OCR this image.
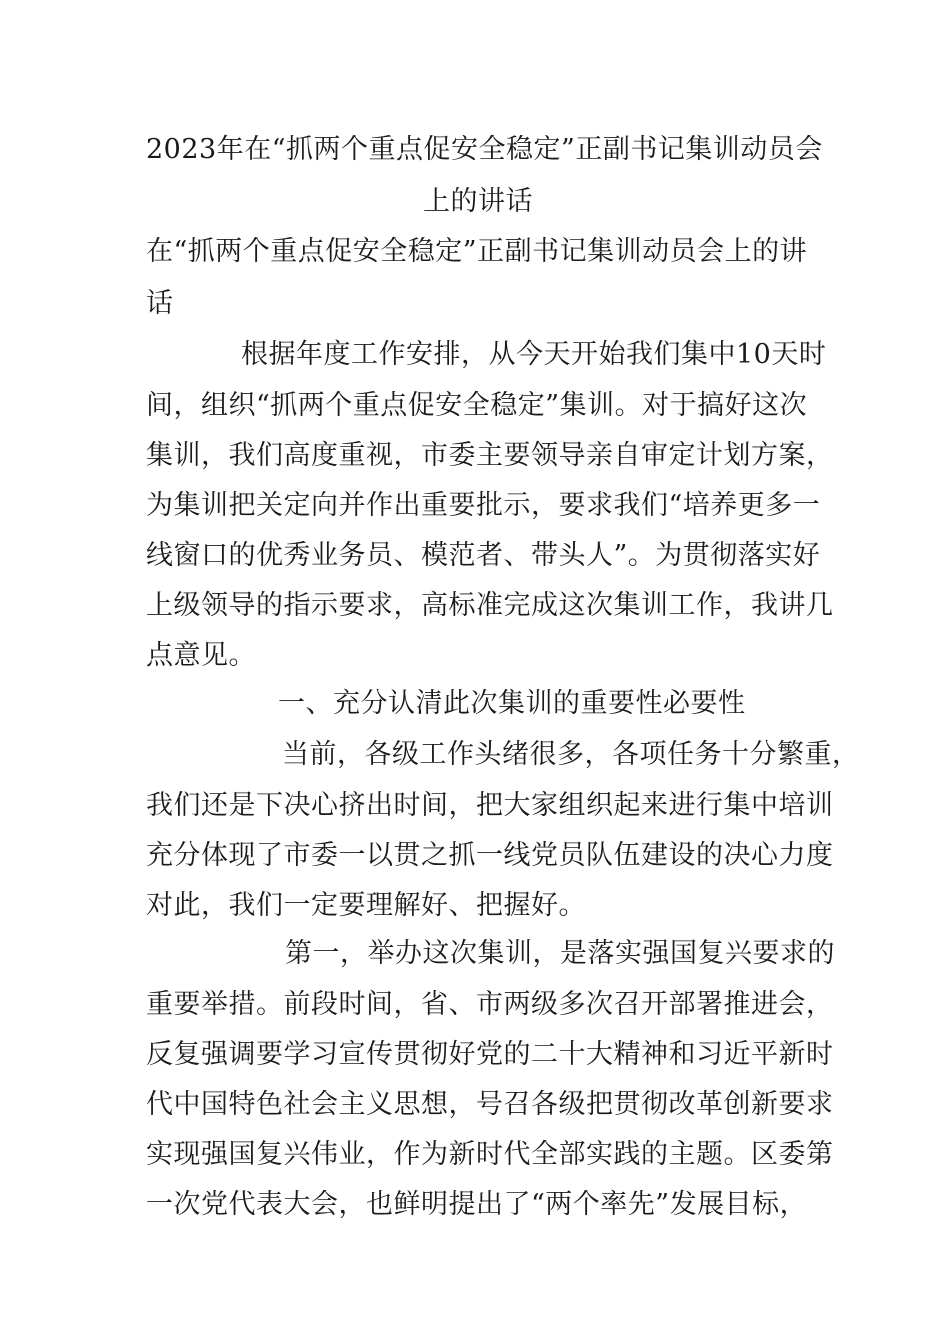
2023年在“抓两个重点促安全稳定”正副书记集训动员会
上的讲话
在“抓两个重点促安全稳定”正副书记集训动员会上的讲
话
根据年度工作安排，从今天开始我们集中10天时
间，组织“抓两个重点促安全稳定”集训。对于搞好这次
集训，我们高度重视，市委主要领导亲自审定计划方案，
为集训把关定向并作出重要批示，要求我们“培养更多一
线窗口的优秀业务员、模范者、带头人”。为贯彻落实好
上级领导的指示要求，高标准完成这次集训工作，我讲几
点意见。
一、充分认清此次集训的重要性必要性
当前，各级工作头绪很多，各项任务十分繁重，
我们还是下决心挤出时间，把大家组织起来进行集中培训
充分体现了市委一以贯之抓一线党员队伍建设的决心力度
对此，我们一定要理解好、把握好。
第一，举办这次集训，是落实强国复兴要求的
重要举措。前段时间，省、市两级多次召开部署推进会，
反复强调要学习宣传贯彻好党的二十大精神和习近平新时
代中国特色社会主义思想，号召各级把贯彻改革创新要求
实现强国复兴伟业，作为新时代全部实践的主题。区委第
一次党代表大会，也鲜明提出了“两个率先”发展目标，
